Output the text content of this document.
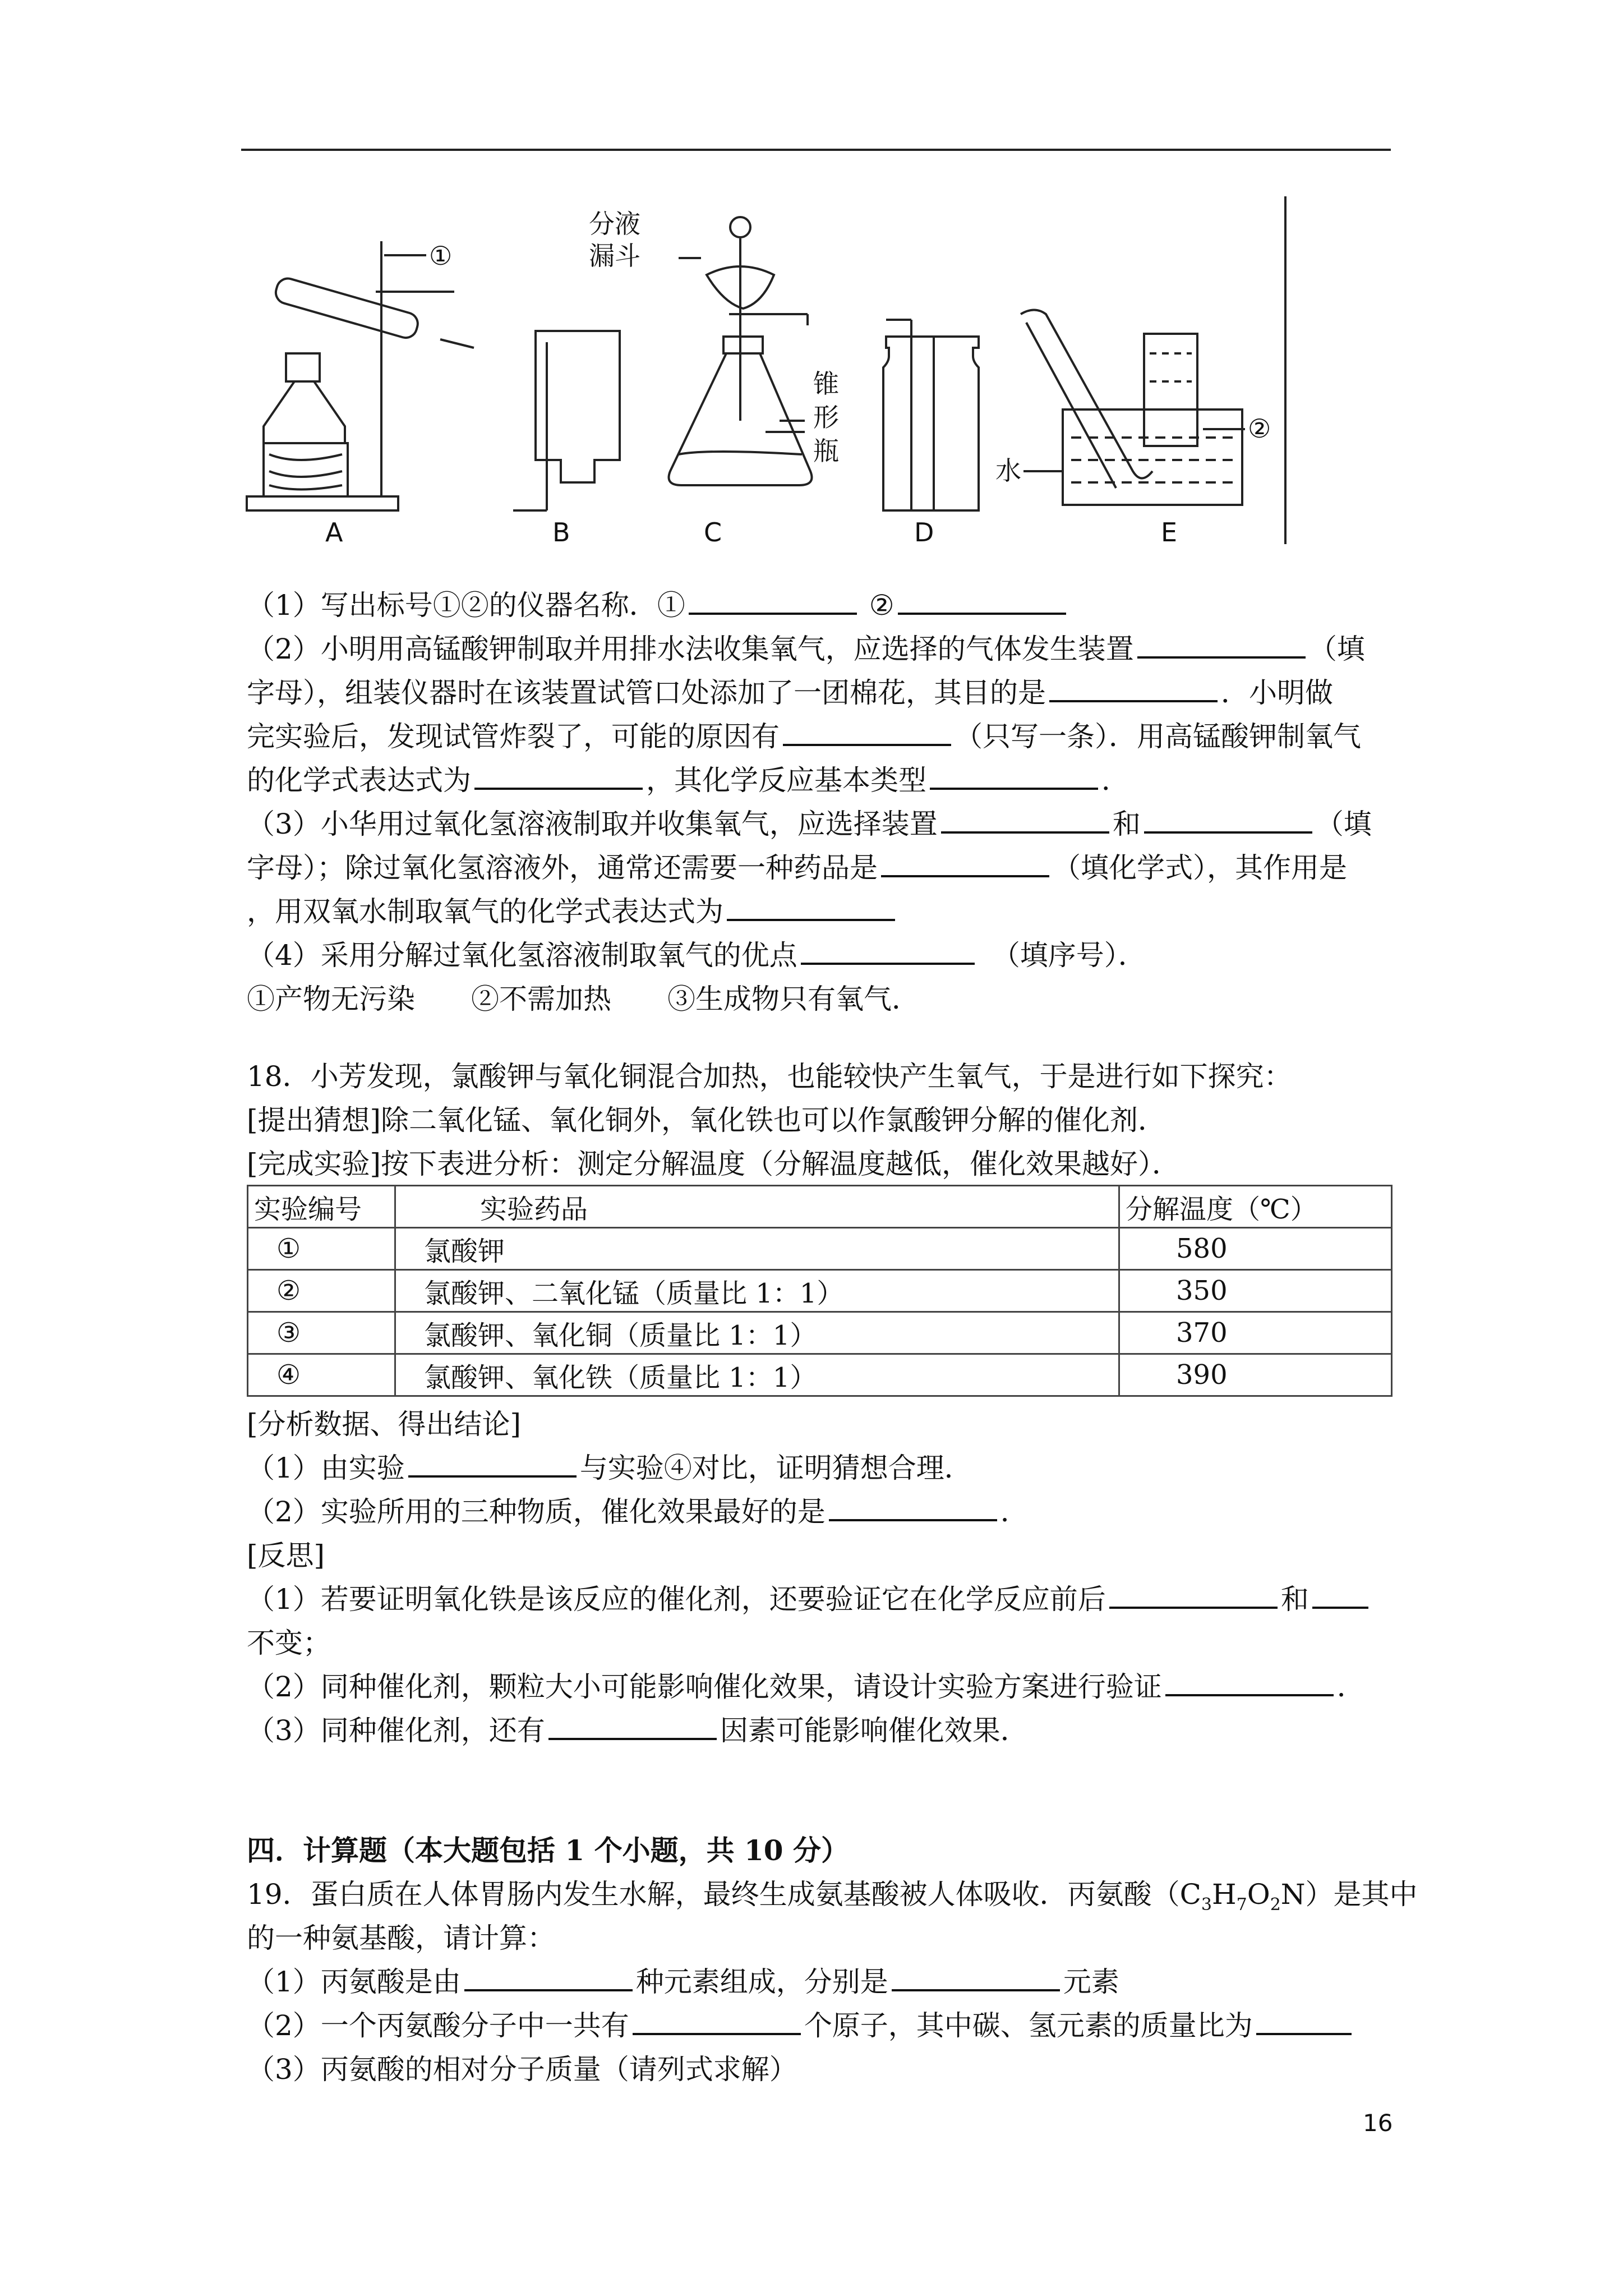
①
分液
漏斗
锥
形
瓶
水
②
A	B	C	D	E
（1）写出标号①②的仪器名称．①	②
（2）小明用高锰酸钾制取并用排水法收集氧气，应选择的气体发生装置	（填
字母），组装仪器时在该装置试管口处添加了一团棉花，其目的是	．小明做
完实验后，发现试管炸裂了，可能的原因有	（只写一条）．用高锰酸钾制氧气
的化学式表达式为	，其化学反应基本类型	．
（3）小华用过氧化氢溶液制取并收集氧气，应选择装置	和	（填
字母）；除过氧化氢溶液外，通常还需要一种药品是	（填化学式），其作用是
，用双氧水制取氧气的化学式表达式为
（4）采用分解过氧化氢溶液制取氧气的优点　	（填序号）．
①产物无污染　　②不需加热　　③生成物只有氧气．
18．小芳发现，氯酸钾与氧化铜混合加热，也能较快产生氧气，于是进行如下探究：
[提出猜想]除二氧化锰、氧化铜外，氧化铁也可以作氯酸钾分解的催化剂．
[完成实验]按下表进分析：测定分解温度（分解温度越低，催化效果越好）．
实验编号	实验药品	分解温度（℃）
①	氯酸钾	580
②	氯酸钾、二氧化锰（质量比 1：1）	350
③	氯酸钾、氧化铜（质量比 1：1）	370
④	氯酸钾、氧化铁（质量比 1：1）	390
[分析数据、得出结论]
（1）由实验	与实验④对比，证明猜想合理．
（2）实验所用的三种物质，催化效果最好的是	．
[反思]
（1）若要证明氧化铁是该反应的催化剂，还要验证它在化学反应前后	和
不变；
（2）同种催化剂，颗粒大小可能影响催化效果，请设计实验方案进行验证	．
（3）同种催化剂，还有	因素可能影响催化效果．
四．计算题（本大题包括 1 个小题，共 10 分）
19．蛋白质在人体胃肠内发生水解，最终生成氨基酸被人体吸收．丙氨酸$(C_3H_7O_2N)$是其中
的一种氨基酸，请计算：
（1）丙氨酸是由	种元素组成，分别是	元素
（2）一个丙氨酸分子中一共有	个原子，其中碳、氢元素的质量比为
（3）丙氨酸的相对分子质量（请列式求解）
16
